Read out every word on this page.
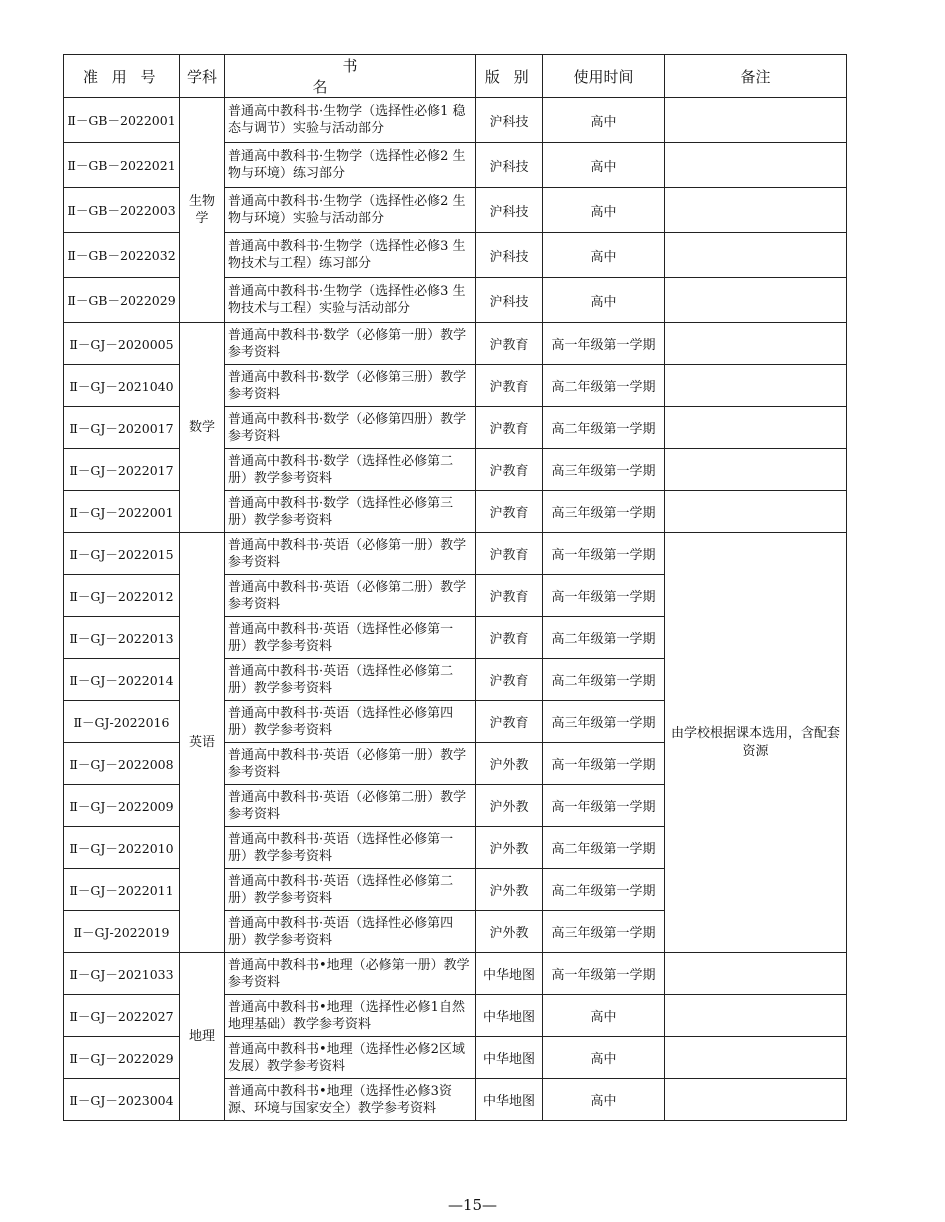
准 用 号	学科	书 名	版 别	使用时间	备注
Ⅱ－GB－2022001	生物学	普通高中教科书·生物学（选择性必修1 稳态与调节）实验与活动部分	沪科技	高中	
Ⅱ－GB－2022021		普通高中教科书·生物学（选择性必修2 生物与环境）练习部分	沪科技	高中	
Ⅱ－GB－2022003		普通高中教科书·生物学（选择性必修2 生物与环境）实验与活动部分	沪科技	高中	
Ⅱ－GB－2022032		普通高中教科书·生物学（选择性必修3 生物技术与工程）练习部分	沪科技	高中	
Ⅱ－GB－2022029		普通高中教科书·生物学（选择性必修3 生物技术与工程）实验与活动部分	沪科技	高中	
Ⅱ－GJ－2020005	数学	普通高中教科书·数学（必修第一册）教学参考资料	沪教育	高一年级第一学期	
Ⅱ－GJ－2021040		普通高中教科书·数学（必修第三册）教学参考资料	沪教育	高二年级第一学期	
Ⅱ－GJ－2020017		普通高中教科书·数学（必修第四册）教学参考资料	沪教育	高二年级第一学期	
Ⅱ－GJ－2022017		普通高中教科书·数学（选择性必修第二册）教学参考资料	沪教育	高三年级第一学期	
Ⅱ－GJ－2022001		普通高中教科书·数学（选择性必修第三册）教学参考资料	沪教育	高三年级第一学期	
Ⅱ－GJ－2022015	英语	普通高中教科书·英语（必修第一册）教学参考资料	沪教育	高一年级第一学期	由学校根据课本选用，含配套资源
Ⅱ－GJ－2022012		普通高中教科书·英语（必修第二册）教学参考资料	沪教育	高一年级第一学期	
Ⅱ－GJ－2022013		普通高中教科书·英语（选择性必修第一册）教学参考资料	沪教育	高二年级第一学期	
Ⅱ－GJ－2022014		普通高中教科书·英语（选择性必修第二册）教学参考资料	沪教育	高二年级第一学期	
Ⅱ－GJ-2022016		普通高中教科书·英语（选择性必修第四册）教学参考资料	沪教育	高三年级第一学期	
Ⅱ－GJ－2022008		普通高中教科书·英语（必修第一册）教学参考资料	沪外教	高一年级第一学期	
Ⅱ－GJ－2022009		普通高中教科书·英语（必修第二册）教学参考资料	沪外教	高一年级第一学期	
Ⅱ－GJ－2022010		普通高中教科书·英语（选择性必修第一册）教学参考资料	沪外教	高二年级第一学期	
Ⅱ－GJ－2022011		普通高中教科书·英语（选择性必修第二册）教学参考资料	沪外教	高二年级第一学期	
Ⅱ－GJ-2022019		普通高中教科书·英语（选择性必修第四册）教学参考资料	沪外教	高三年级第一学期	
Ⅱ－GJ－2021033	地理	普通高中教科书•地理（必修第一册）教学参考资料	中华地图	高一年级第一学期	
Ⅱ－GJ－2022027		普通高中教科书•地理（选择性必修1自然地理基础）教学参考资料	中华地图	高中	
Ⅱ－GJ－2022029		普通高中教科书•地理（选择性必修2区域发展）教学参考资料	中华地图	高中	
Ⅱ－GJ－2023004		普通高中教科书•地理（选择性必修3资源、环境与国家安全）教学参考资料	中华地图	高中	
—15—
